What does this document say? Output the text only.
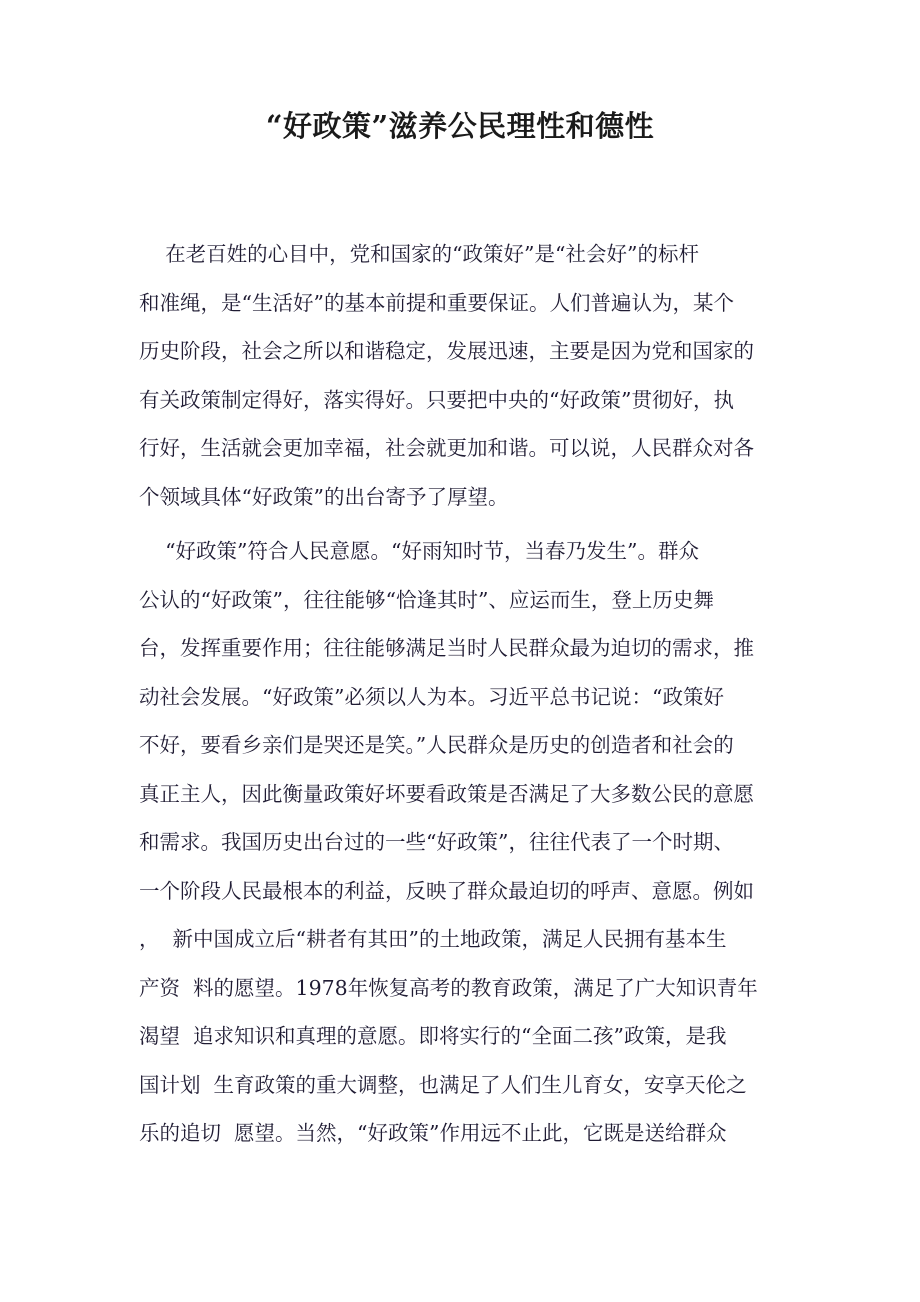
“好政策”滋养公民理性和德性
在老百姓的心目中，党和国家的“政策好”是“社会好”的标杆
和准绳，是“生活好”的基本前提和重要保证。人们普遍认为，某个
历史阶段，社会之所以和谐稳定，发展迅速，主要是因为党和国家的
有关政策制定得好，落实得好。只要把中央的“好政策”贯彻好，执
行好，生活就会更加幸福，社会就更加和谐。可以说，人民群众对各
个领域具体“好政策”的出台寄予了厚望。
“好政策”符合人民意愿。“好雨知时节，当春乃发生”。群众
公认的“好政策”，往往能够“恰逢其时”、应运而生，登上历史舞
台，发挥重要作用；往往能够满足当时人民群众最为迫切的需求，推
动社会发展。“好政策”必须以人为本。习近平总书记说：“政策好
不好，要看乡亲们是哭还是笑。”人民群众是历史的创造者和社会的
真正主人，因此衡量政策好坏要看政策是否满足了大多数公民的意愿
和需求。我国历史出台过的一些“好政策”，往往代表了一个时期、
一个阶段人民最根本的利益，反映了群众最迫切的呼声、意愿。例如
，  新中国成立后“耕者有其田”的土地政策，满足人民拥有基本生
产资  料的愿望。1978年恢复高考的教育政策，满足了广大知识青年
渴望  追求知识和真理的意愿。即将实行的“全面二孩”政策，是我
国计划  生育政策的重大调整，也满足了人们生儿育女，安享天伦之
乐的追切  愿望。当然，“好政策”作用远不止此，它既是送给群众
